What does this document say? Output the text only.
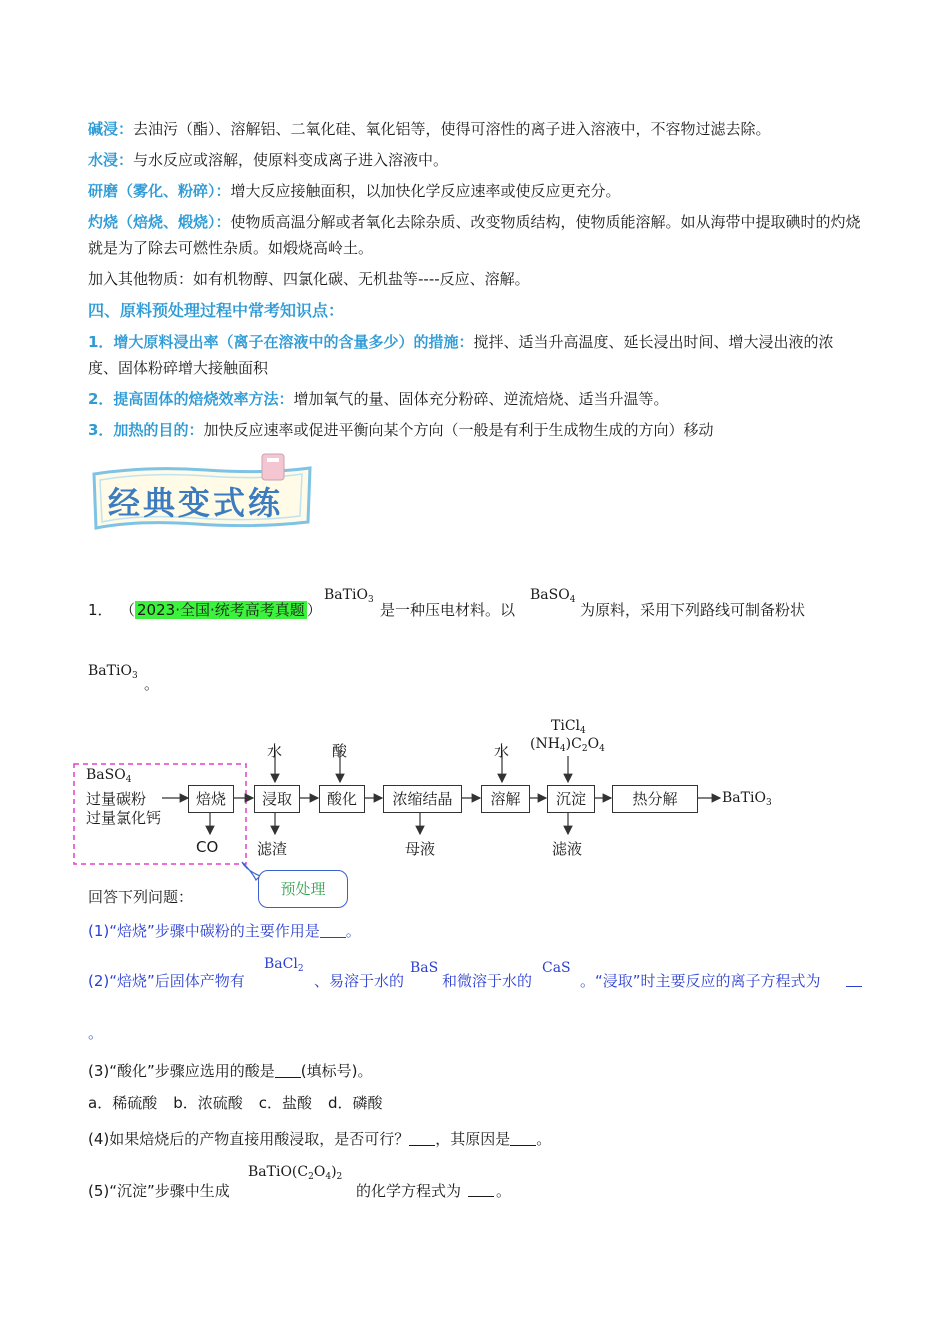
碱浸：去油污（酯）、溶解铝、二氧化硅、氧化铝等，使得可溶性的离子进入溶液中，不容物过滤去除。
水浸：与水反应或溶解，使原料变成离子进入溶液中。
研磨（雾化、粉碎）：增大反应接触面积，以加快化学反应速率或使反应更充分。
灼烧（焙烧、煅烧）：使物质高温分解或者氧化去除杂质、改变物质结构，使物质能溶解。如从海带中提取碘时的灼烧就是为了除去可燃性杂质。如煅烧高岭土。
加入其他物质：如有机物醇、四氯化碳、无机盐等----反应、溶解。
四、原料预处理过程中常考知识点：
1．增大原料浸出率（离子在溶液中的含量多少）的措施：搅拌、适当升高温度、延长浸出时间、增大浸出液的浓度、固体粉碎增大接触面积
2．提高固体的焙烧效率方法：增加氧气的量、固体充分粉碎、逆流焙烧、适当升温等。
3．加热的目的：加快反应速率或促进平衡向某个方向（一般是有利于生成物生成的方向）移动
经典变式练
1． （ 2023·全国·统考高考真题 ）
BaTiO$_3$
是一种压电材料。以
BaSO$_4$
为原料，采用下列路线可制备粉状
BaTiO$_3$ 。
BaSO$_4$
过量碳粉
过量氯化钙
焙烧	浸取	酸化	浓缩结晶	溶解	沉淀	热分解
水	酸	水
TiCl$_4$
$(NH_4)C_2O_4$
CO	滤渣	母液	滤液
BaTiO$_3$
预处理
回答下列问题：
(1)“焙烧”步骤中碳粉的主要作用是 。
(2)“焙烧”后固体产物有
BaCl$_2$
、易溶于水的
BaS
和微溶于水的
CaS
。“浸取”时主要反应的离子方程式为
。
(3)“酸化”步骤应选用的酸是 (填标号)。
a．稀硫酸 b．浓硫酸 c．盐酸 d．磷酸
(4)如果焙烧后的产物直接用酸浸取，是否可行？ ，其原因是 。
(5)“沉淀”步骤中生成
$BaTiO(C_2O_4)_2$
的化学方程式为 。
